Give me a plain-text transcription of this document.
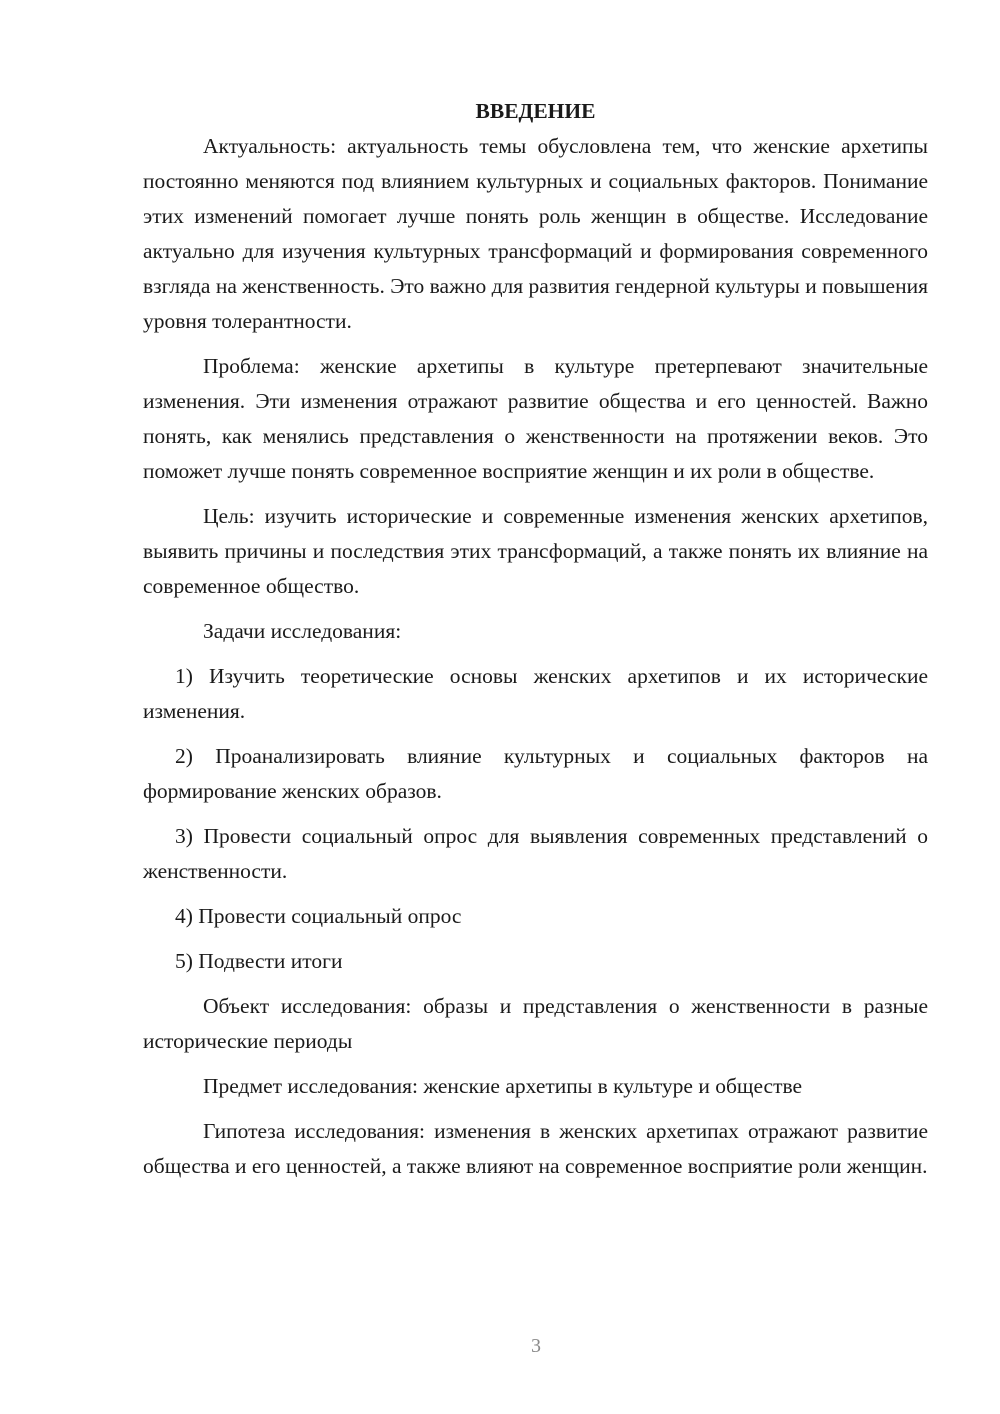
ВВЕДЕНИЕ

Актуальность: актуальность темы обусловлена тем, что женские архетипы постоянно меняются под влиянием культурных и социальных факторов. Понимание этих изменений помогает лучше понять роль женщин в обществе. Исследование актуально для изучения культурных трансформаций и формирования современного взгляда на женственность. Это важно для развития гендерной культуры и повышения уровня толерантности.

Проблема: женские архетипы в культуре претерпевают значительные изменения. Эти изменения отражают развитие общества и его ценностей. Важно понять, как менялись представления о женственности на протяжении веков. Это поможет лучше понять современное восприятие женщин и их роли в обществе.

Цель: изучить исторические и современные изменения женских архетипов, выявить причины и последствия этих трансформаций, а также понять их влияние на современное общество.

Задачи исследования:

1) Изучить теоретические основы женских архетипов и их исторические изменения.

2) Проанализировать влияние культурных и социальных факторов на формирование женских образов.

3) Провести социальный опрос для выявления современных представлений о женственности.

4) Провести социальный опрос

5) Подвести итоги

Объект исследования: образы и представления о женственности в разные исторические периоды

Предмет исследования: женские архетипы в культуре и обществе

Гипотеза исследования: изменения в женских архетипах отражают развитие общества и его ценностей, а также влияют на современное восприятие роли женщин.

3
